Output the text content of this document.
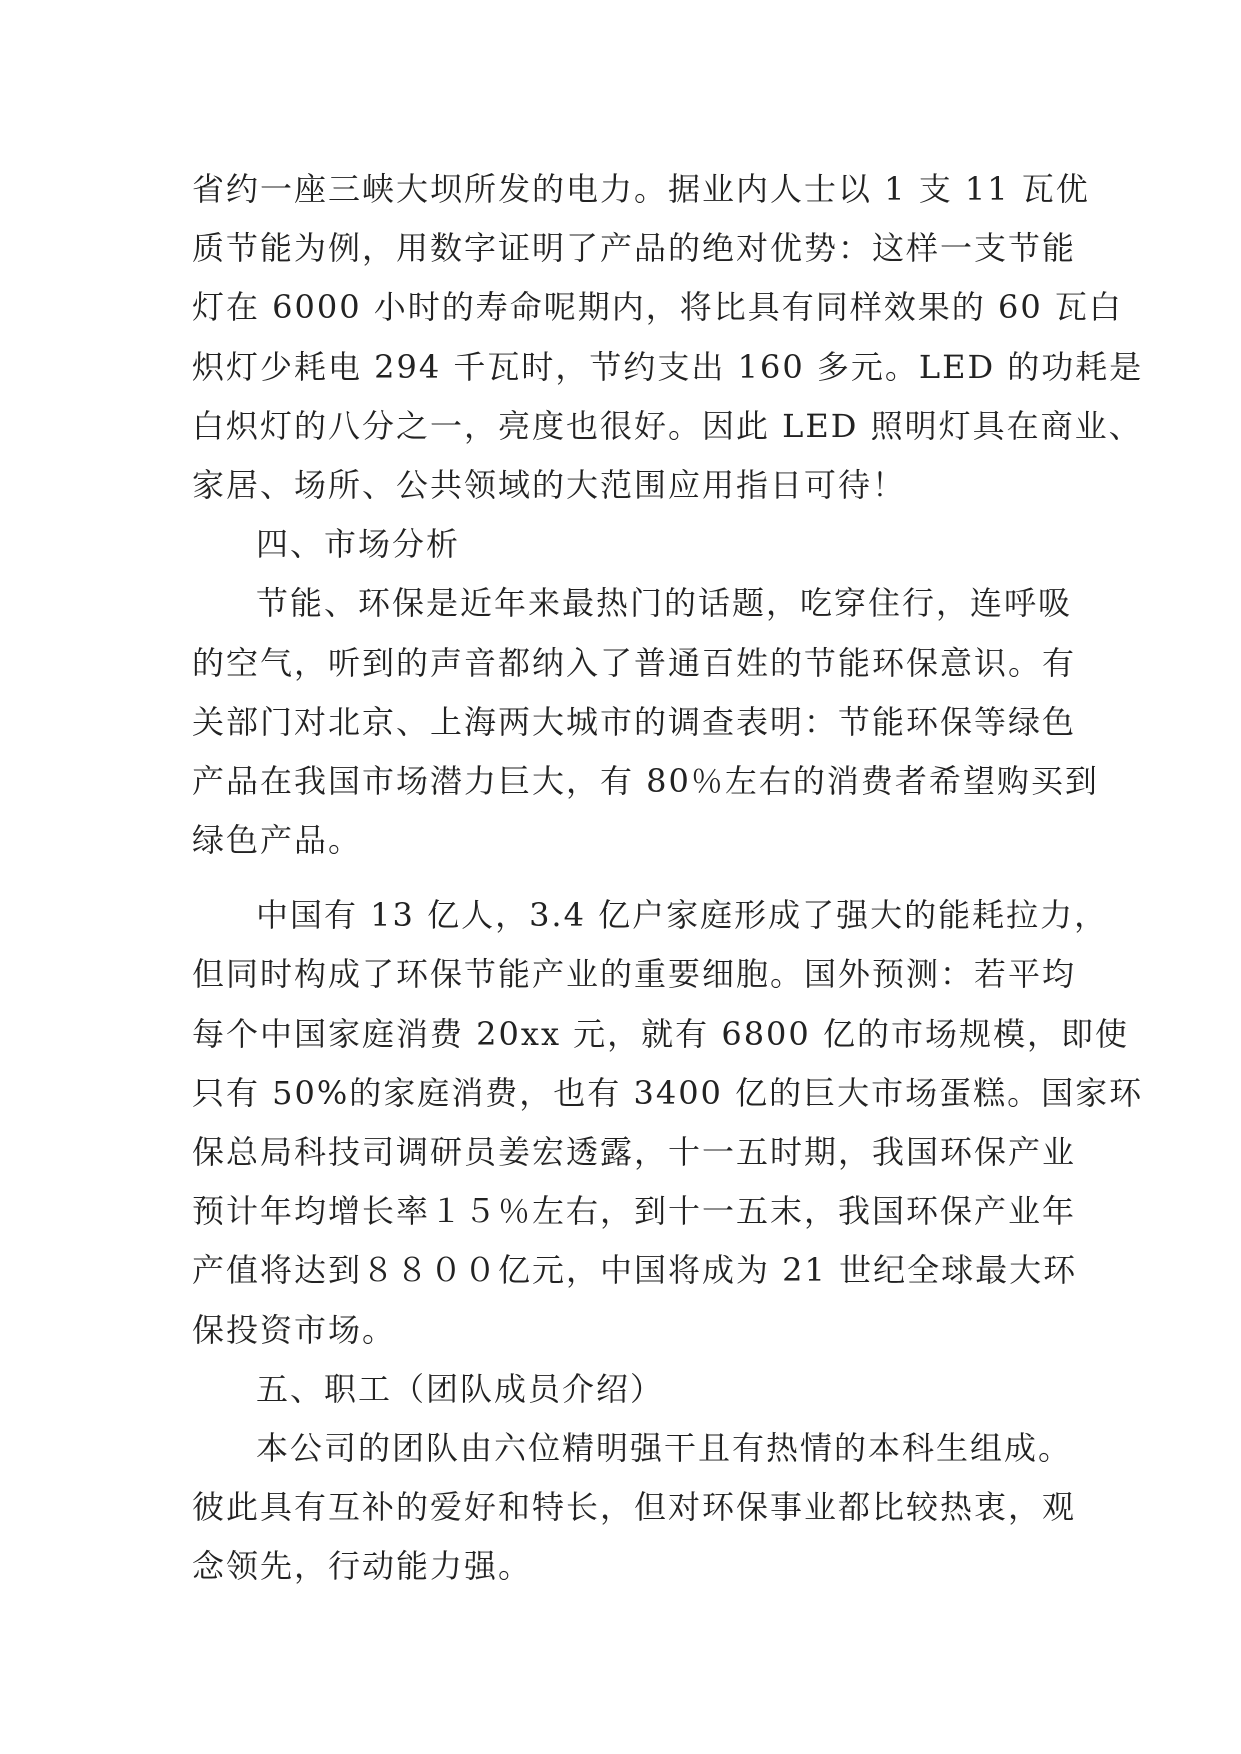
省约一座三峡大坝所发的电力。据业内人士以 1 支 11 瓦优
质节能为例，用数字证明了产品的绝对优势：这样一支节能
灯在 6000 小时的寿命呢期内，将比具有同样效果的 60 瓦白
炽灯少耗电 294 千瓦时，节约支出 160 多元。LED 的功耗是
白炽灯的八分之一，亮度也很好。因此 LED 照明灯具在商业、
家居、场所、公共领域的大范围应用指日可待！
四、市场分析
节能、环保是近年来最热门的话题，吃穿住行，连呼吸
的空气，听到的声音都纳入了普通百姓的节能环保意识。有
关部门对北京、上海两大城市的调查表明：节能环保等绿色
产品在我国市场潜力巨大，有 80％左右的消费者希望购买到
绿色产品。
中国有 13 亿人，3.4 亿户家庭形成了强大的能耗拉力，
但同时构成了环保节能产业的重要细胞。国外预测：若平均
每个中国家庭消费 20xx 元，就有 6800 亿的市场规模，即使
只有 50%的家庭消费，也有 3400 亿的巨大市场蛋糕。国家环
保总局科技司调研员姜宏透露，十一五时期，我国环保产业
预计年均增长率１５％左右，到十一五末，我国环保产业年
产值将达到８８００亿元，中国将成为 21 世纪全球最大环
保投资市场。
五、职工（团队成员介绍）
本公司的团队由六位精明强干且有热情的本科生组成。
彼此具有互补的爱好和特长，但对环保事业都比较热衷，观
念领先，行动能力强。
